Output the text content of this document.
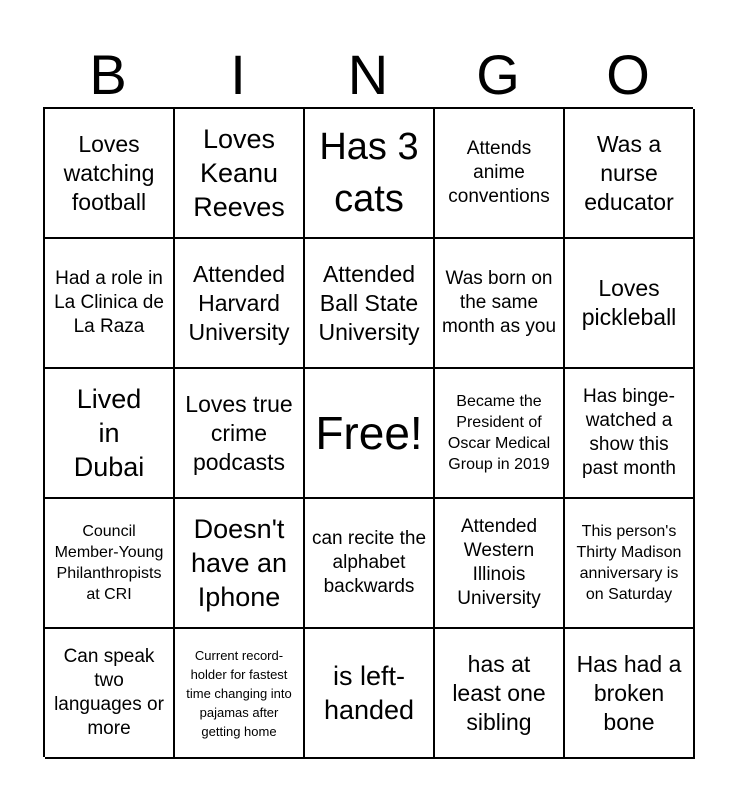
B	I	N	G	O
Loves watching football
Loves Keanu Reeves
Has 3 cats
Attends anime conventions
Was a nurse educator
Had a role in La Clinica de La Raza
Attended Harvard University
Attended Ball State University
Was born on the same month as you
Loves pickleball
Lived in Dubai
Loves true crime podcasts
Free!
Became the President of Oscar Medical Group in 2019
Has binge-watched a show this past month
Council Member-Young Philanthropists at CRI
Doesn't have an Iphone
can recite the alphabet backwards
Attended Western Illinois University
This person's Thirty Madison anniversary is on Saturday
Can speak two languages or more
Current record-holder for fastest time changing into pajamas after getting home
is left-handed
has at least one sibling
Has had a broken bone
